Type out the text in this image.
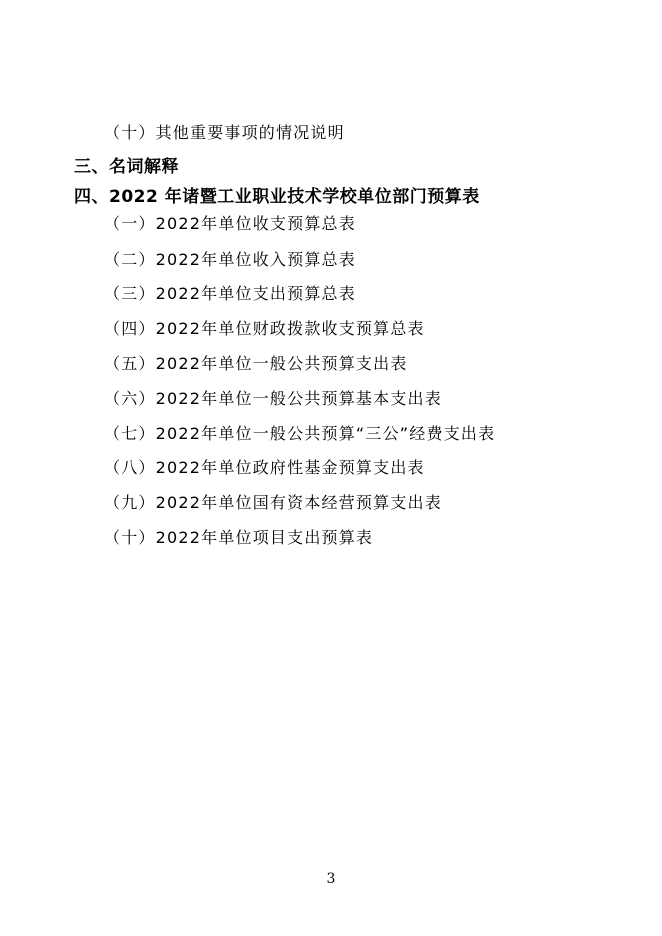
（十）其他重要事项的情况说明
三、名词解释
四、2022 年诸暨工业职业技术学校单位部门预算表
（一）2022年单位收支预算总表
（二）2022年单位收入预算总表
（三）2022年单位支出预算总表
（四）2022年单位财政拨款收支预算总表
（五）2022年单位一般公共预算支出表
（六）2022年单位一般公共预算基本支出表
（七）2022年单位一般公共预算“三公”经费支出表
（八）2022年单位政府性基金预算支出表
（九）2022年单位国有资本经营预算支出表
（十）2022年单位项目支出预算表
3
